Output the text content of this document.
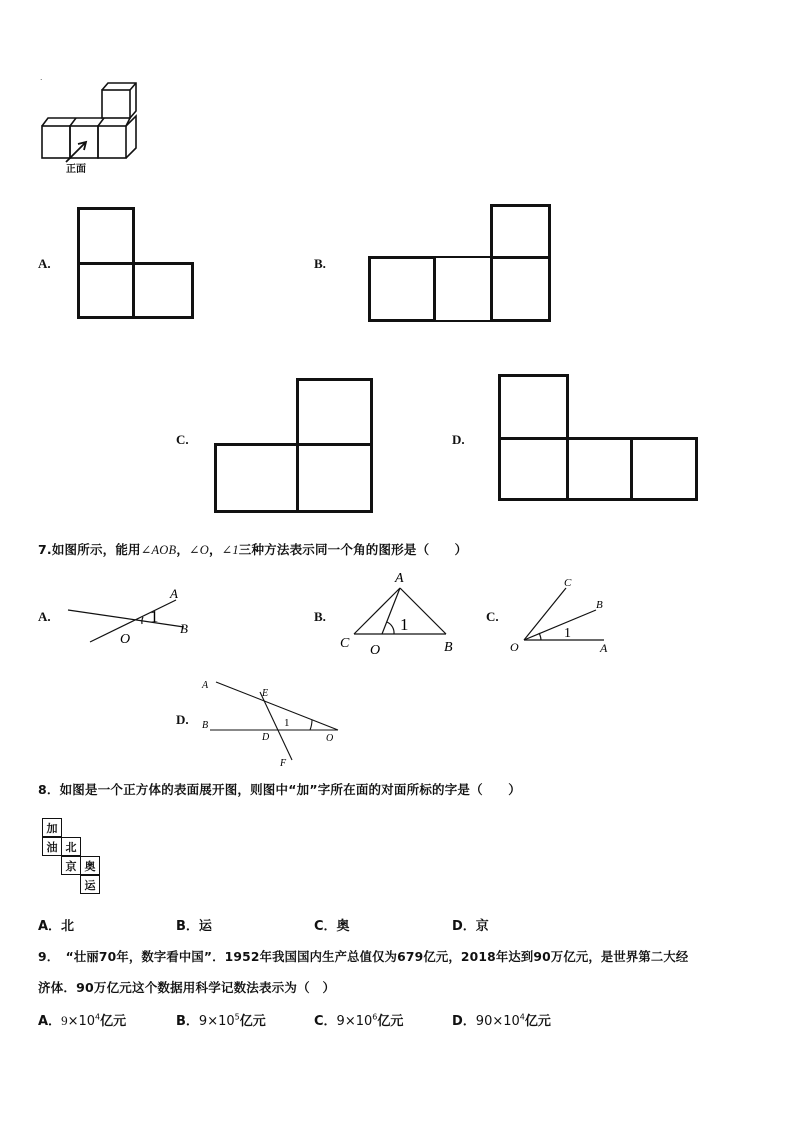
·
正面
A.	B.
C.	D.
7.如图所示，能用∠AOB，∠O，∠1三种方法表示同一个角的图形是（　　）
A.
A
1
O
B
B.
A
1
C O	B
C.
C
B
1
O	A
D.
A
E
B	1
D	O
F
8．如图是一个正方体的表面展开图，则图中“加”字所在面的对面所标的字是（　　）
加
油 北
京 奥
运
A．北	B．运	C．奥	D．京
9．　“壮丽70年，数字看中国”．1952年我国国内生产总值仅为679亿元，2018年达到90万亿元，是世界第二大经
济体．90万亿元这个数据用科学记数法表示为（　）
A．$9\times 10^4$亿元	B．$9\times 10^5$亿元	C．$9\times 10^6$亿元	D．$90\times 10^4$亿元
